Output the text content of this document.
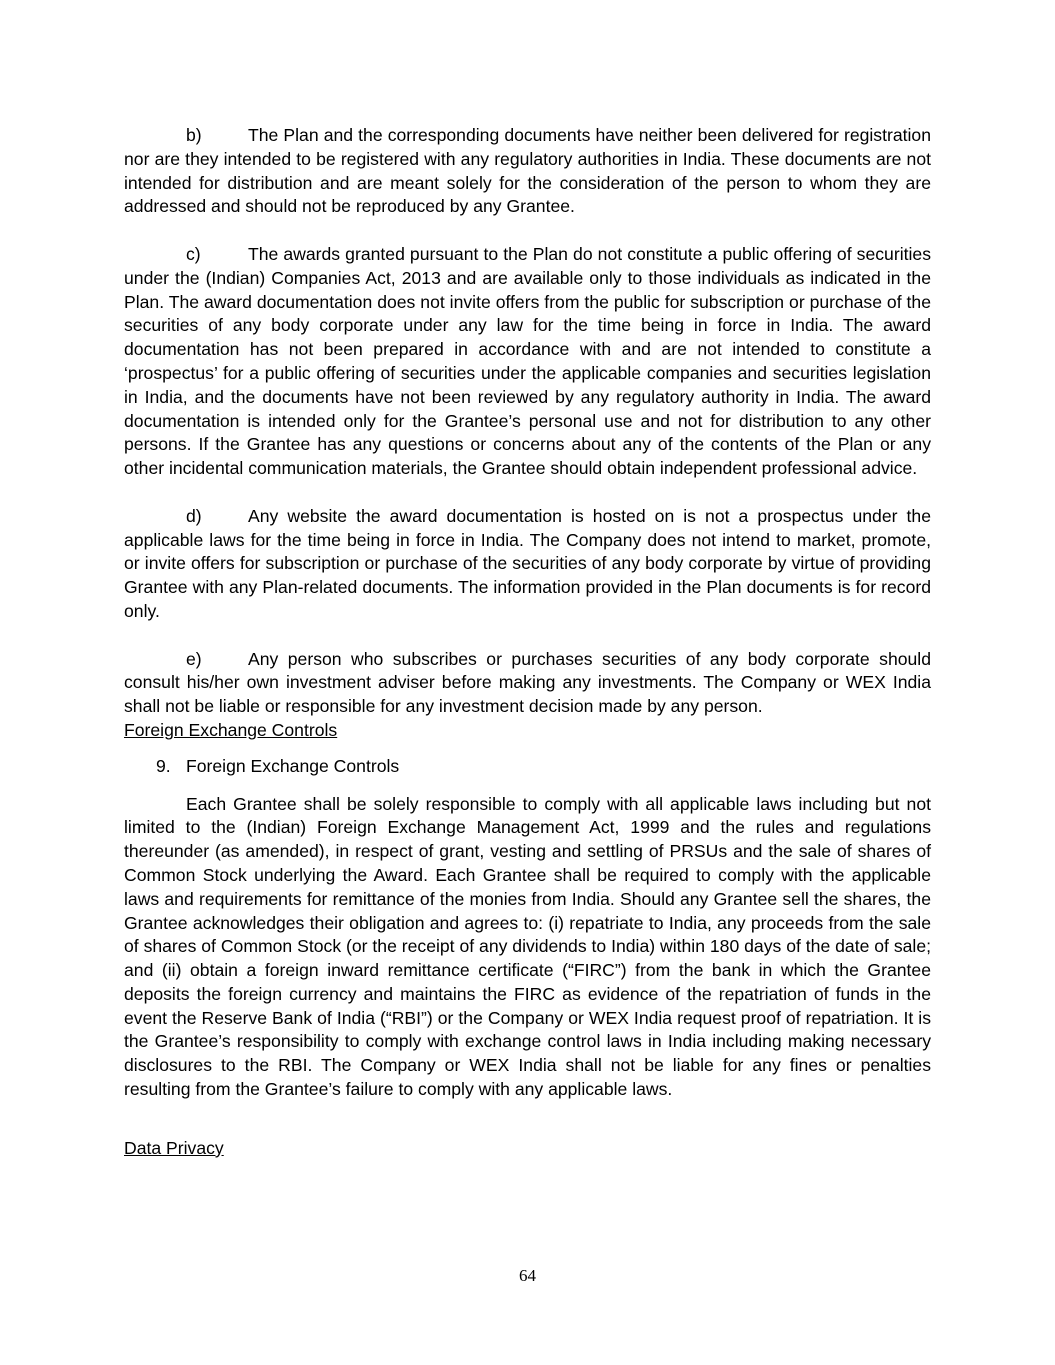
b)	The Plan and the corresponding documents have neither been delivered for registration nor are they intended to be registered with any regulatory authorities in India. These documents are not intended for distribution and are meant solely for the consideration of the person to whom they are addressed and should not be reproduced by any Grantee.

c)	The awards granted pursuant to the Plan do not constitute a public offering of securities under the (Indian) Companies Act, 2013 and are available only to those individuals as indicated in the Plan. The award documentation does not invite offers from the public for subscription or purchase of the securities of any body corporate under any law for the time being in force in India. The award documentation has not been prepared in accordance with and are not intended to constitute a ‘prospectus’ for a public offering of securities under the applicable companies and securities legislation in India, and the documents have not been reviewed by any regulatory authority in India. The award documentation is intended only for the Grantee’s personal use and not for distribution to any other persons. If the Grantee has any questions or concerns about any of the contents of the Plan or any other incidental communication materials, the Grantee should obtain independent professional advice.

d)	Any website the award documentation is hosted on is not a prospectus under the applicable laws for the time being in force in India. The Company does not intend to market, promote, or invite offers for subscription or purchase of the securities of any body corporate by virtue of providing Grantee with any Plan-related documents. The information provided in the Plan documents is for record only.

e)	Any person who subscribes or purchases securities of any body corporate should consult his/her own investment adviser before making any investments. The Company or WEX India shall not be liable or responsible for any investment decision made by any person.

Foreign Exchange Controls

9. Foreign Exchange Controls

Each Grantee shall be solely responsible to comply with all applicable laws including but not limited to the (Indian) Foreign Exchange Management Act, 1999 and the rules and regulations thereunder (as amended), in respect of grant, vesting and settling of PRSUs and the sale of shares of Common Stock underlying the Award. Each Grantee shall be required to comply with the applicable laws and requirements for remittance of the monies from India. Should any Grantee sell the shares, the Grantee acknowledges their obligation and agrees to: (i) repatriate to India, any proceeds from the sale of shares of Common Stock (or the receipt of any dividends to India) within 180 days of the date of sale; and (ii) obtain a foreign inward remittance certificate (“FIRC”) from the bank in which the Grantee deposits the foreign currency and maintains the FIRC as evidence of the repatriation of funds in the event the Reserve Bank of India (“RBI”) or the Company or WEX India request proof of repatriation. It is the Grantee’s responsibility to comply with exchange control laws in India including making necessary disclosures to the RBI. The Company or WEX India shall not be liable for any fines or penalties resulting from the Grantee’s failure to comply with any applicable laws.

Data Privacy

64
